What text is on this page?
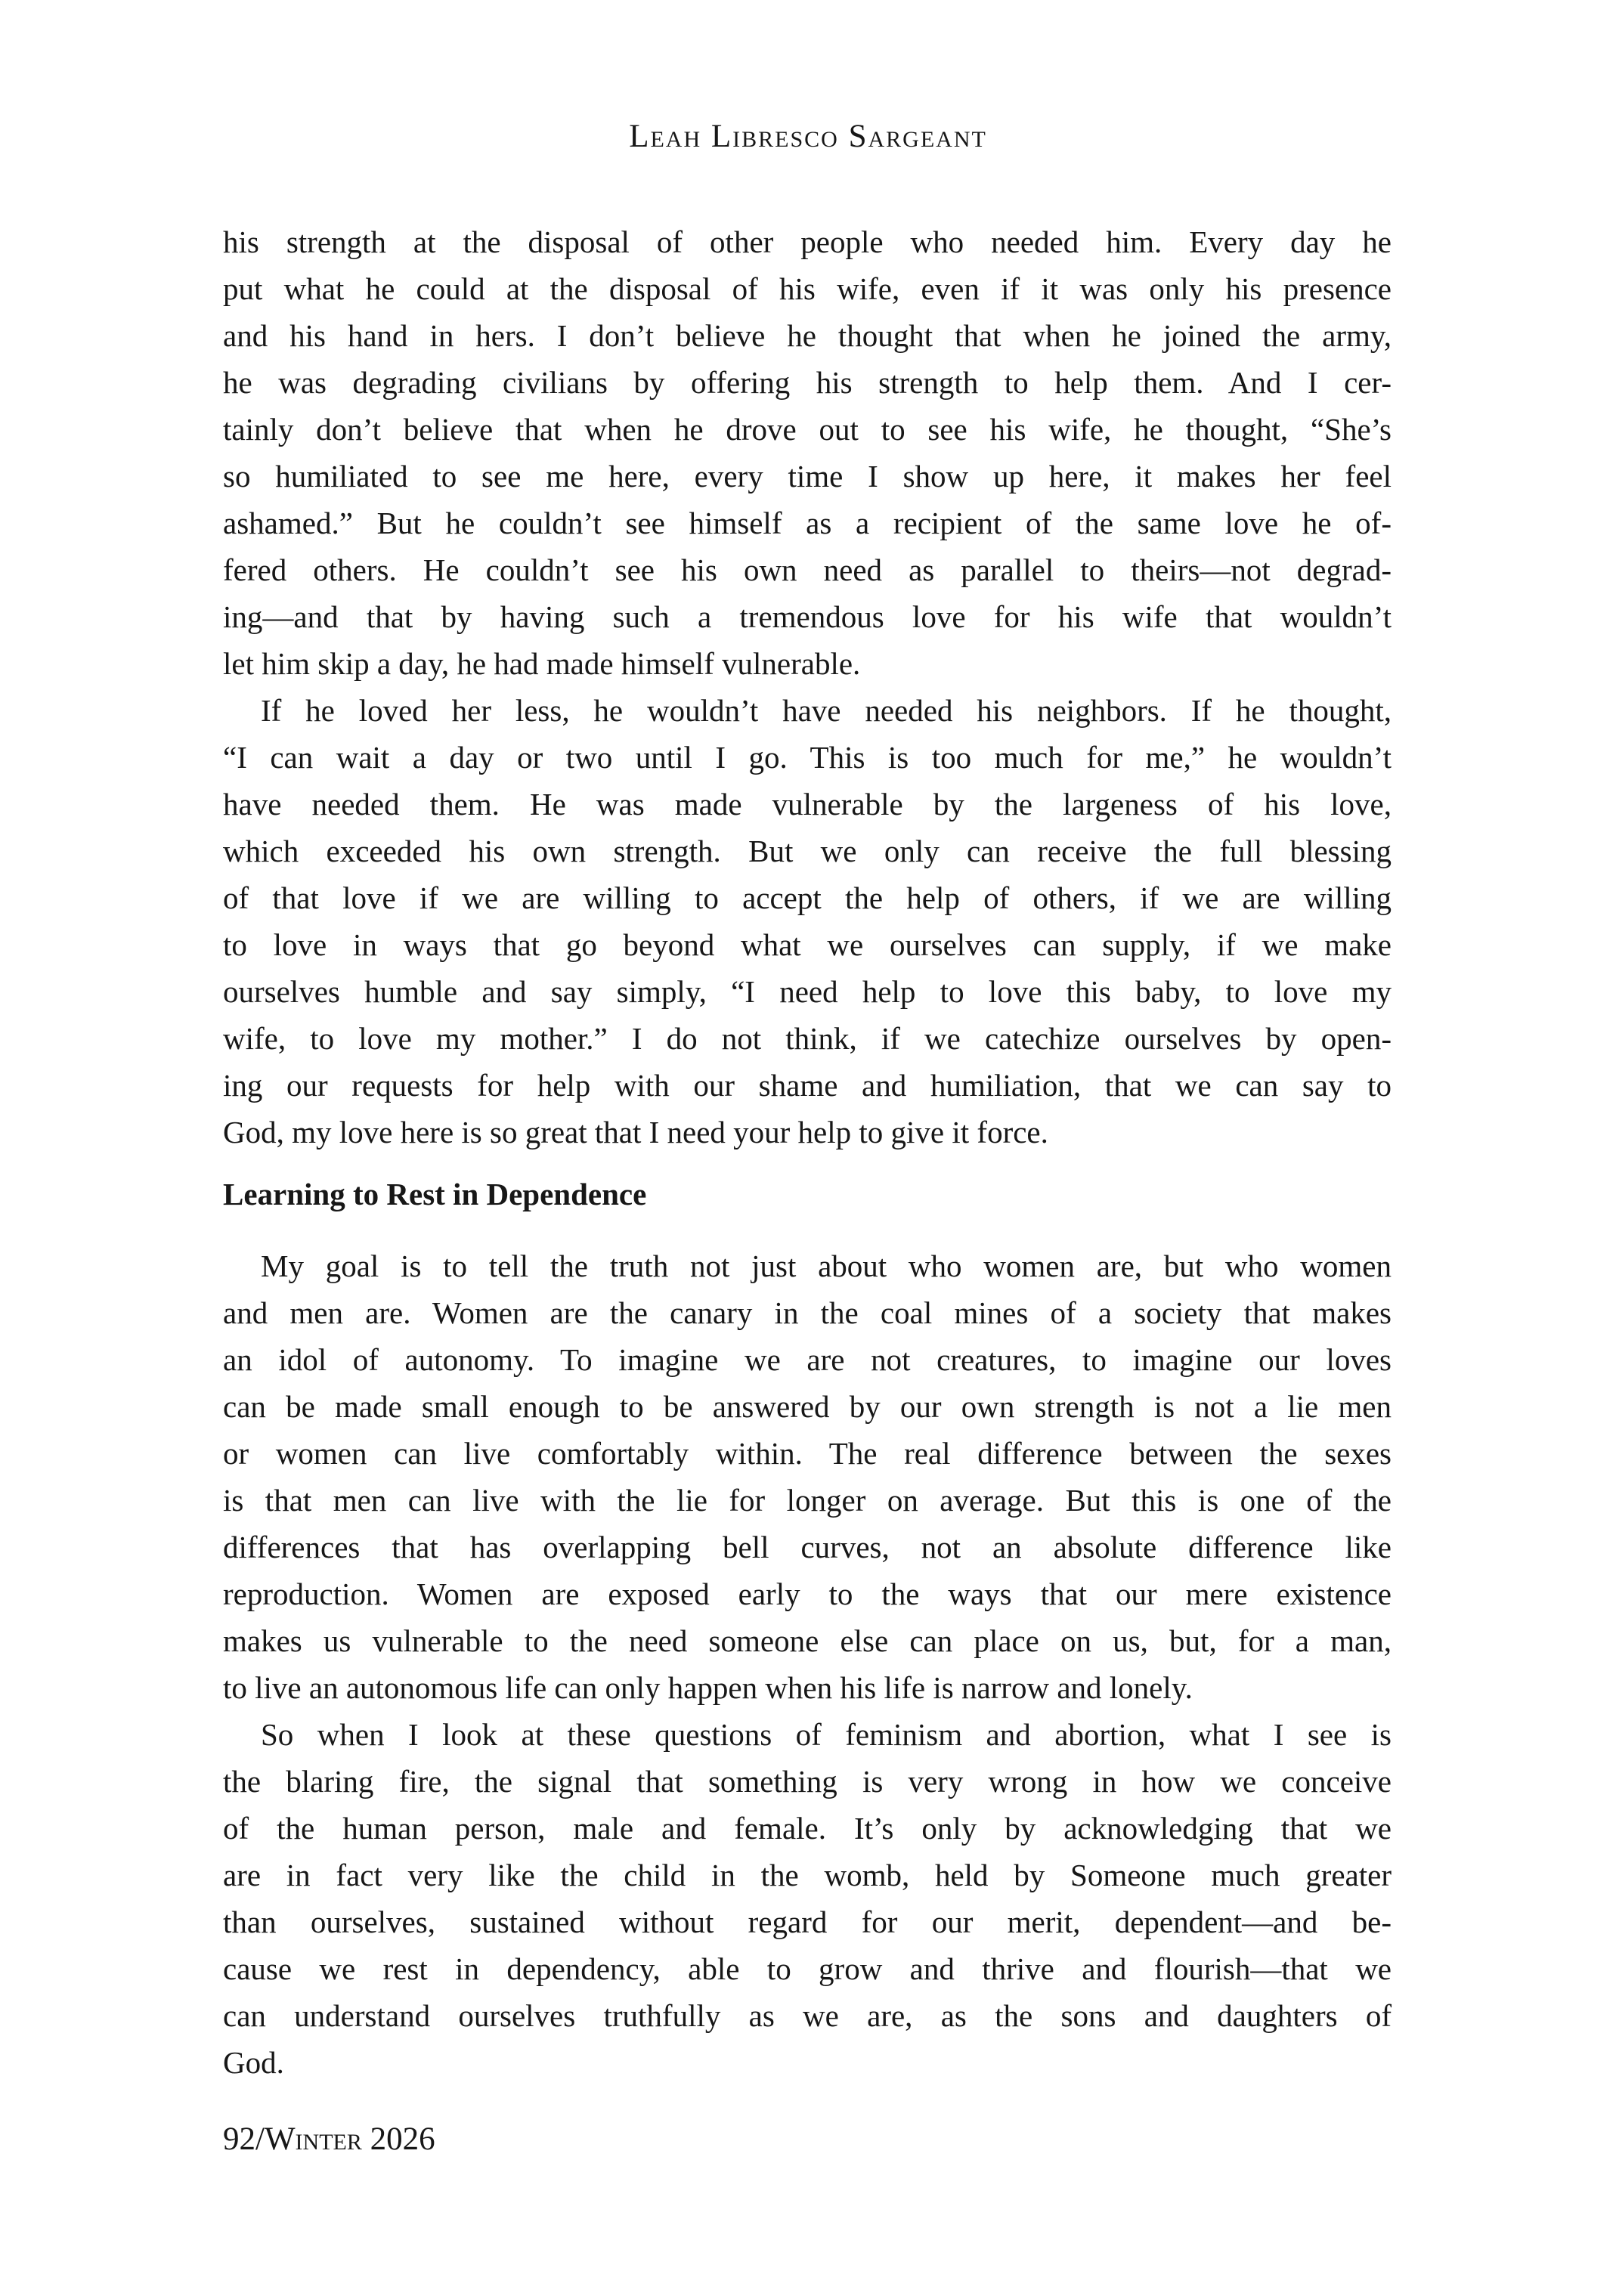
Leah Libresco Sargeant
his strength at the disposal of other people who needed him. Every day he
put what he could at the disposal of his wife, even if it was only his presence
and his hand in hers. I don’t believe he thought that when he joined the army,
he was degrading civilians by offering his strength to help them. And I cer-
tainly don’t believe that when he drove out to see his wife, he thought, “She’s
so humiliated to see me here, every time I show up here, it makes her feel
ashamed.” But he couldn’t see himself as a recipient of the same love he of-
fered others. He couldn’t see his own need as parallel to theirs—not degrad-
ing—and that by having such a tremendous love for his wife that wouldn’t
let him skip a day, he had made himself vulnerable.
If he loved her less, he wouldn’t have needed his neighbors. If he thought,
“I can wait a day or two until I go. This is too much for me,” he wouldn’t
have needed them. He was made vulnerable by the largeness of his love,
which exceeded his own strength. But we only can receive the full blessing
of that love if we are willing to accept the help of others, if we are willing
to love in ways that go beyond what we ourselves can supply, if we make
ourselves humble and say simply, “I need help to love this baby, to love my
wife, to love my mother.” I do not think, if we catechize ourselves by open-
ing our requests for help with our shame and humiliation, that we can say to
God, my love here is so great that I need your help to give it force.
Learning to Rest in Dependence
My goal is to tell the truth not just about who women are, but who women
and men are. Women are the canary in the coal mines of a society that makes
an idol of autonomy. To imagine we are not creatures, to imagine our loves
can be made small enough to be answered by our own strength is not a lie men
or women can live comfortably within. The real difference between the sexes
is that men can live with the lie for longer on average. But this is one of the
differences that has overlapping bell curves, not an absolute difference like
reproduction. Women are exposed early to the ways that our mere existence
makes us vulnerable to the need someone else can place on us, but, for a man,
to live an autonomous life can only happen when his life is narrow and lonely.
So when I look at these questions of feminism and abortion, what I see is
the blaring fire, the signal that something is very wrong in how we conceive
of the human person, male and female. It’s only by acknowledging that we
are in fact very like the child in the womb, held by Someone much greater
than ourselves, sustained without regard for our merit, dependent—and be-
cause we rest in dependency, able to grow and thrive and flourish—that we
can understand ourselves truthfully as we are, as the sons and daughters of
God.
92/Winter 2026
